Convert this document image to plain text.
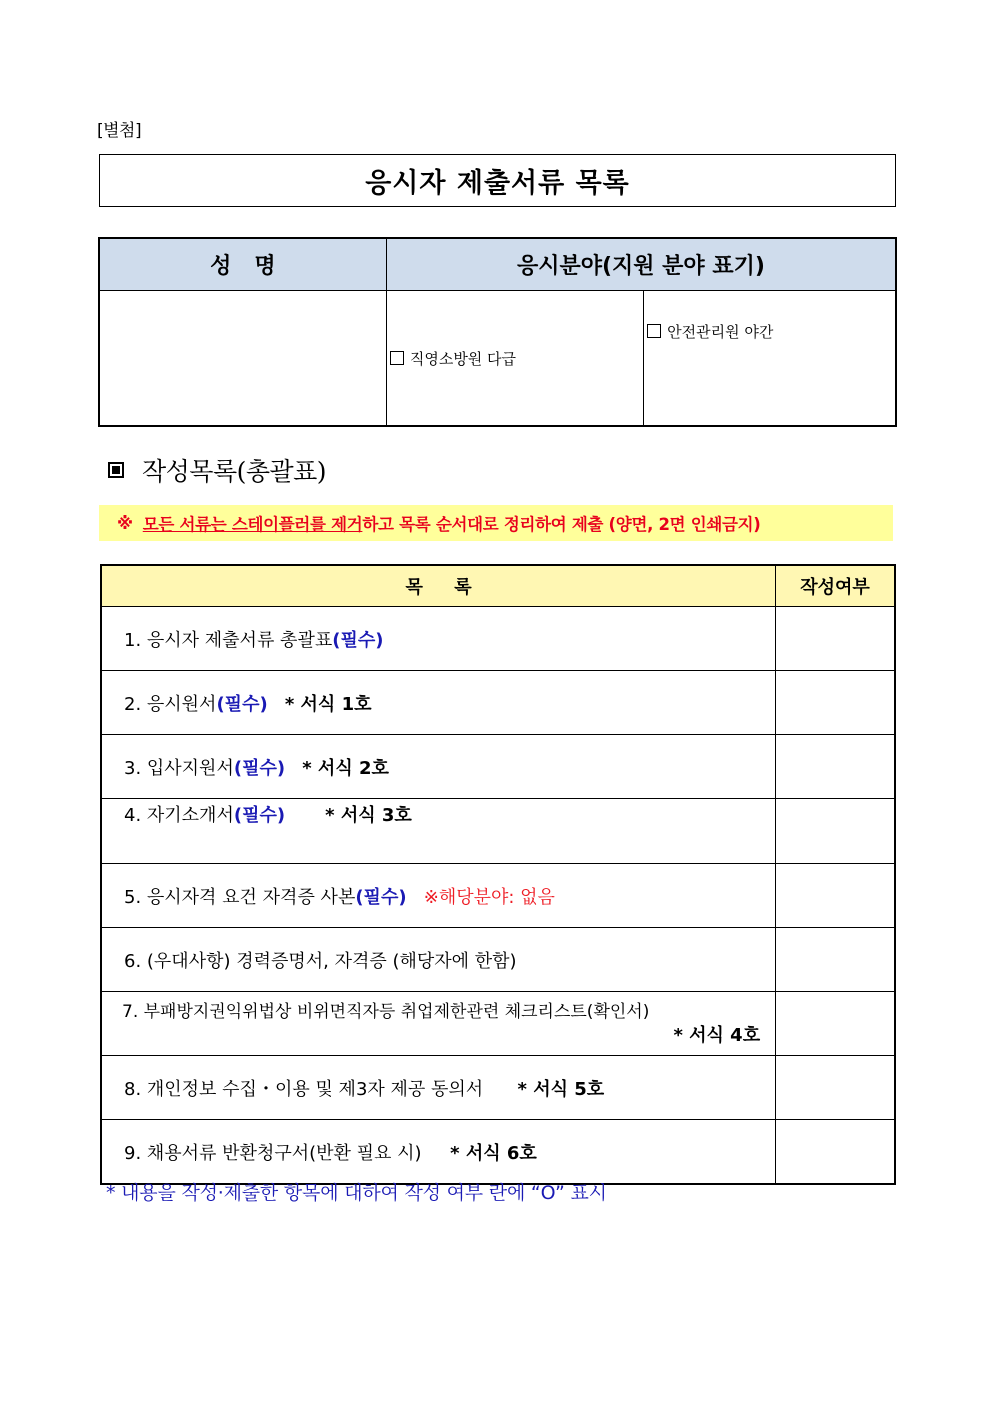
[별첨]
응시자 제출서류 목록
성   명	응시분야(지원 분야 표기)	
	직영소방원 다급	안전관리원 야간
작성목록(총괄표)
※ 모든 서류는 스테이플러를 제거 하고 목록 순서대로 정리하여 제출 (양면, 2면 인쇄금지)
목     록	작성여부
1. 응시자 제출서류 총괄표(필수)	
2. 응시원서(필수) * 서식 1호	
3. 입사지원서(필수) * 서식 2호	
4. 자기소개서(필수) * 서식 3호	
5. 응시자격 요건 자격증 사본(필수) ※해당분야: 없음	
6. (우대사항) 경력증명서, 자격증 (해당자에 한함)	

7. 부패방지권익위법상 비위면직자등 취업제한관련 체크리스트(확인서)
* 서식 4호	

8. 개인정보 수집・이용 및 제3자 제공 동의서 * 서식 5호	
9. 채용서류 반환청구서(반환 필요 시) * 서식 6호	
* 내용을 작성·제출한 항목에 대하여 작성 여부 란에 “O” 표시
